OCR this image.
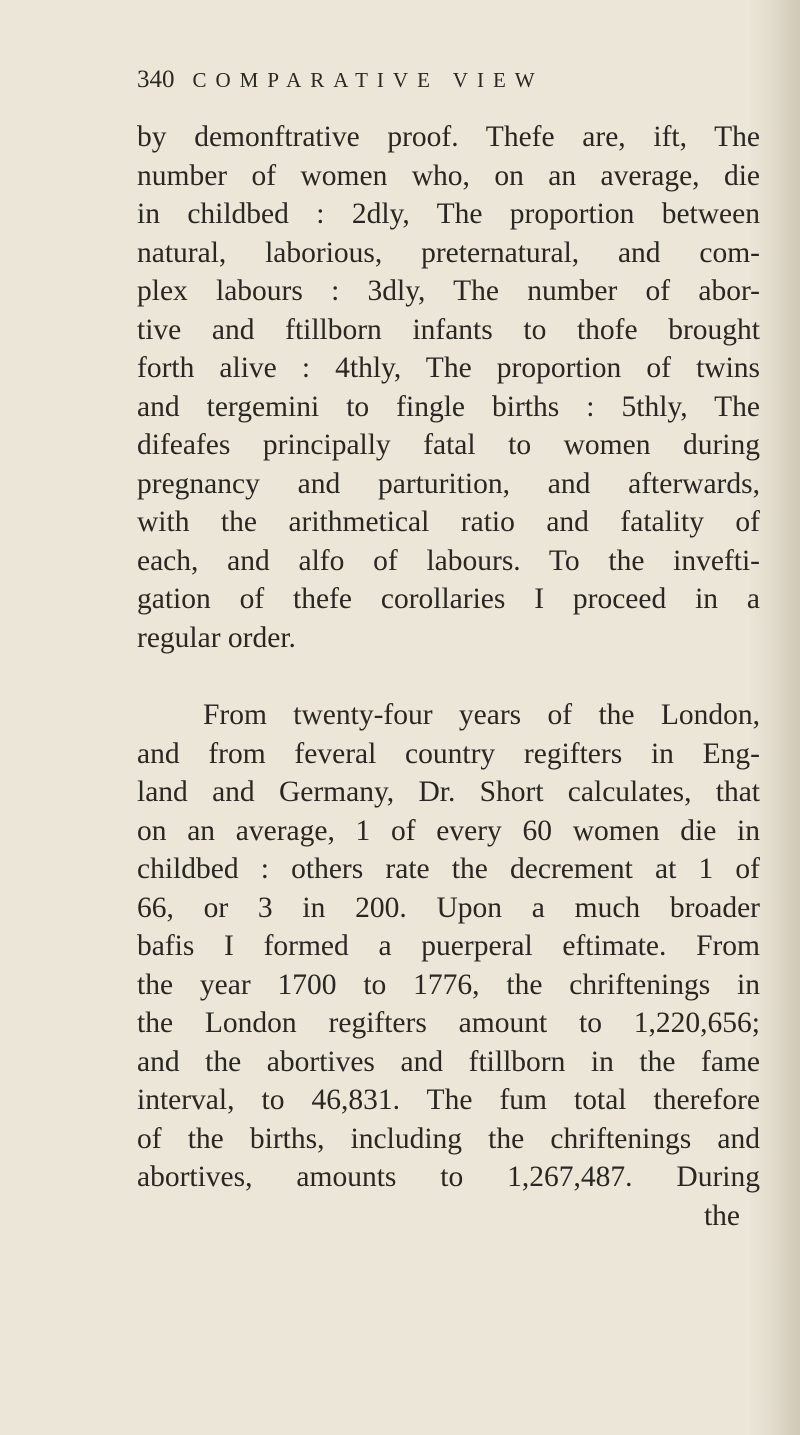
340 COMPARATIVE VIEW
by demonftrative proof. Thefe are, ift, The
number of women who, on an average, die
in childbed : 2dly, The proportion between
natural, laborious, preternatural, and com-
plex labours : 3dly, The number of abor-
tive and ftillborn infants to thofe brought
forth alive : 4thly, The proportion of twins
and tergemini to fingle births : 5thly, The
difeafes principally fatal to women during
pregnancy and parturition, and afterwards,
with the arithmetical ratio and fatality of
each, and alfo of labours. To the invefti-
gation of thefe corollaries I proceed in a
regular order.
From twenty-four years of the London,
and from feveral country regifters in Eng-
land and Germany, Dr. Short calculates, that
on an average, 1 of every 60 women die in
childbed : others rate the decrement at 1 of
66, or 3 in 200. Upon a much broader
bafis I formed a puerperal eftimate. From
the year 1700 to 1776, the chriftenings in
the London regifters amount to 1,220,656;
and the abortives and ftillborn in the fame
interval, to 46,831. The fum total therefore
of the births, including the chriftenings and
abortives, amounts to 1,267,487. During
the
